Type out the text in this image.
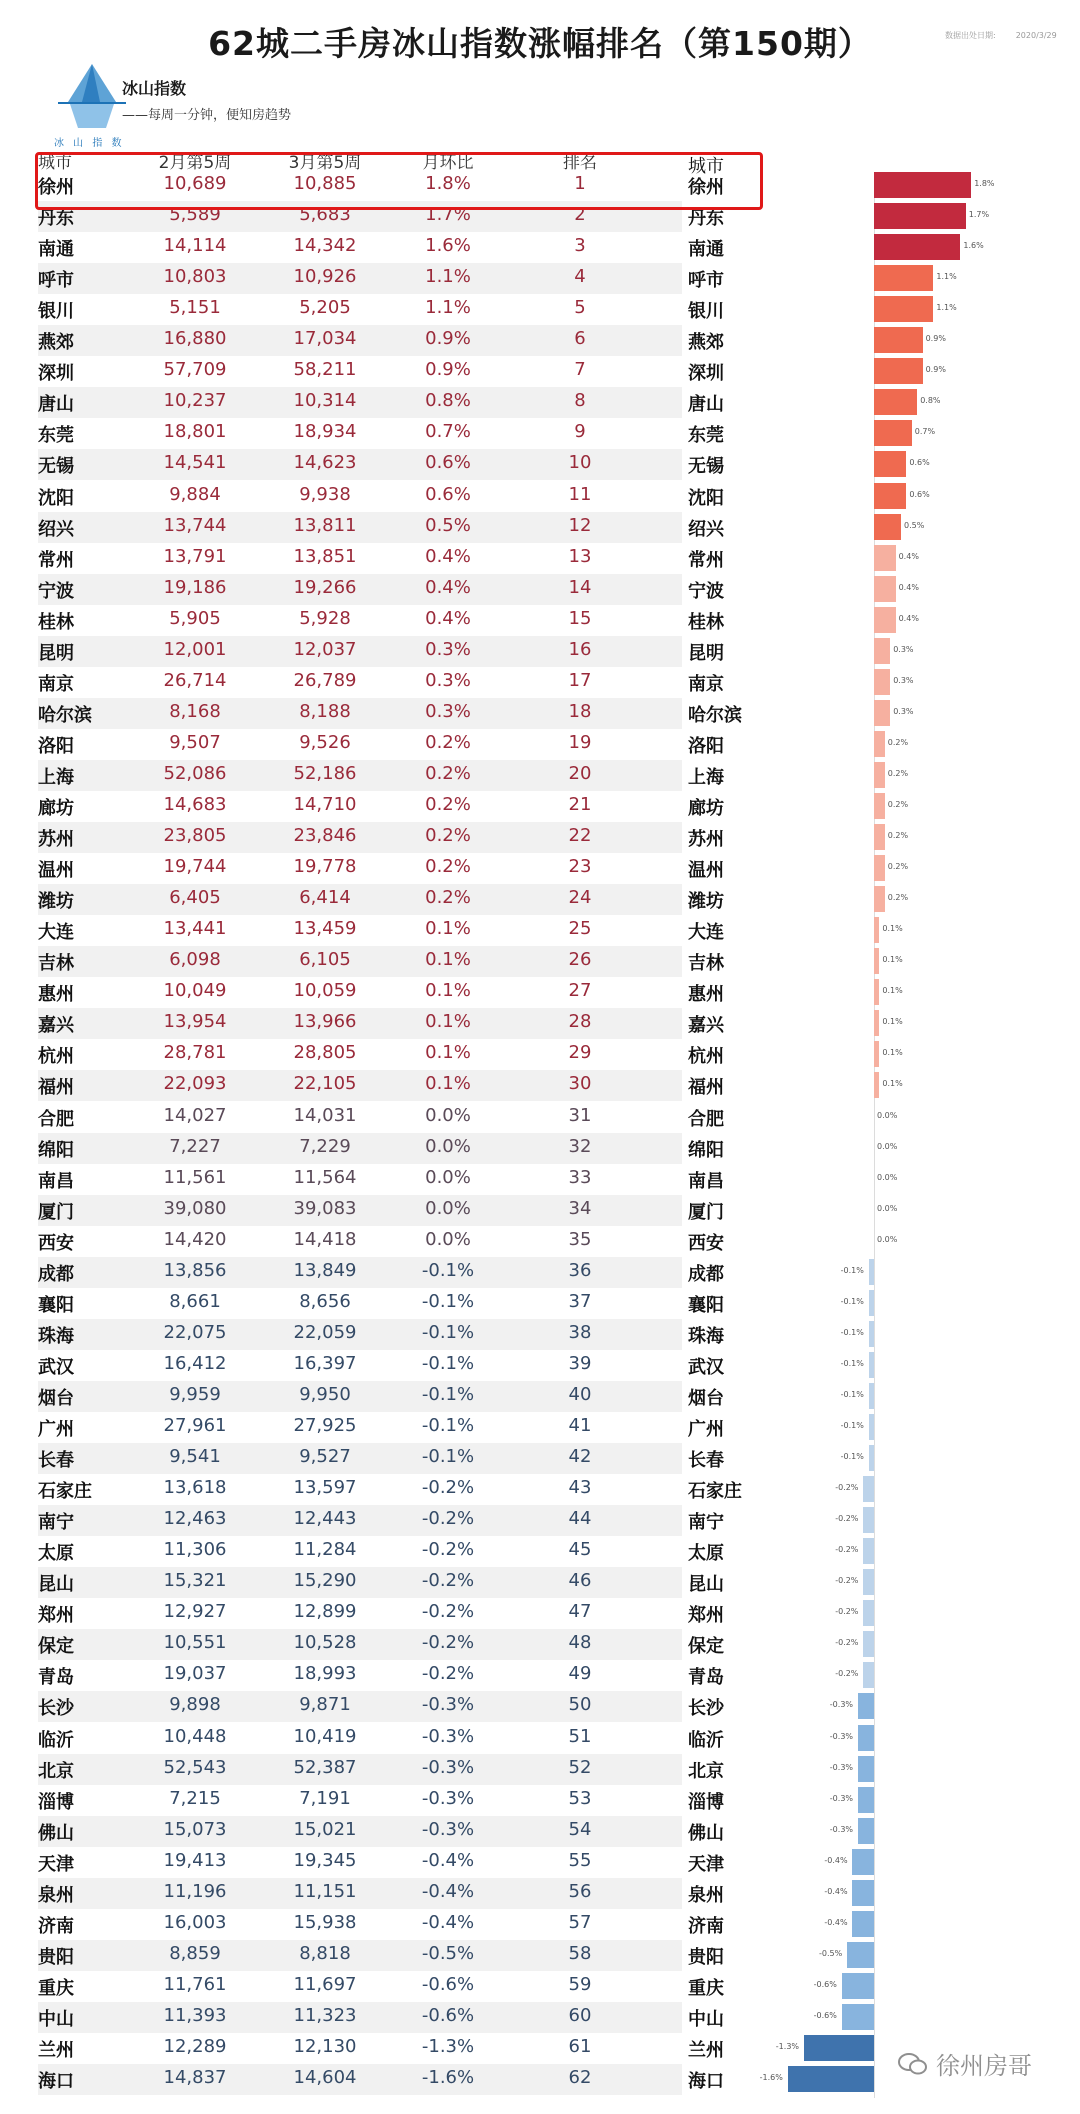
62城二手房冰山指数涨幅排名（第150期）	数据出处日期:	2020/3/29
冰山指数
——每周一分钟，便知房趋势
冰 山 指 数
城市	2月第5周	3月第5周	月环比	排名	城市
徐州	10,689	10,885	1.8%	1	徐州
丹东	5,589	5,683	1.7%	2	丹东
南通	14,114	14,342	1.6%	3	南通
呼市	10,803	10,926	1.1%	4	呼市
银川	5,151	5,205	1.1%	5	银川
燕郊	16,880	17,034	0.9%	6	燕郊
深圳	57,709	58,211	0.9%	7	深圳
唐山	10,237	10,314	0.8%	8	唐山
东莞	18,801	18,934	0.7%	9	东莞
无锡	14,541	14,623	0.6%	10	无锡
沈阳	9,884	9,938	0.6%	11	沈阳
绍兴	13,744	13,811	0.5%	12	绍兴
常州	13,791	13,851	0.4%	13	常州
宁波	19,186	19,266	0.4%	14	宁波
桂林	5,905	5,928	0.4%	15	桂林
昆明	12,001	12,037	0.3%	16	昆明
南京	26,714	26,789	0.3%	17	南京
哈尔滨	8,168	8,188	0.3%	18	哈尔滨
洛阳	9,507	9,526	0.2%	19	洛阳
上海	52,086	52,186	0.2%	20	上海
廊坊	14,683	14,710	0.2%	21	廊坊
苏州	23,805	23,846	0.2%	22	苏州
温州	19,744	19,778	0.2%	23	温州
潍坊	6,405	6,414	0.2%	24	潍坊
大连	13,441	13,459	0.1%	25	大连
吉林	6,098	6,105	0.1%	26	吉林
惠州	10,049	10,059	0.1%	27	惠州
嘉兴	13,954	13,966	0.1%	28	嘉兴
杭州	28,781	28,805	0.1%	29	杭州
福州	22,093	22,105	0.1%	30	福州
合肥	14,027	14,031	0.0%	31	合肥
绵阳	7,227	7,229	0.0%	32	绵阳
南昌	11,561	11,564	0.0%	33	南昌
厦门	39,080	39,083	0.0%	34	厦门
西安	14,420	14,418	0.0%	35	西安
成都	13,856	13,849	-0.1%	36	成都
襄阳	8,661	8,656	-0.1%	37	襄阳
珠海	22,075	22,059	-0.1%	38	珠海
武汉	16,412	16,397	-0.1%	39	武汉
烟台	9,959	9,950	-0.1%	40	烟台
广州	27,961	27,925	-0.1%	41	广州
长春	9,541	9,527	-0.1%	42	长春
石家庄	13,618	13,597	-0.2%	43	石家庄
南宁	12,463	12,443	-0.2%	44	南宁
太原	11,306	11,284	-0.2%	45	太原
昆山	15,321	15,290	-0.2%	46	昆山
郑州	12,927	12,899	-0.2%	47	郑州
保定	10,551	10,528	-0.2%	48	保定
青岛	19,037	18,993	-0.2%	49	青岛
长沙	9,898	9,871	-0.3%	50	长沙
临沂	10,448	10,419	-0.3%	51	临沂
北京	52,543	52,387	-0.3%	52	北京
淄博	7,215	7,191	-0.3%	53	淄博
佛山	15,073	15,021	-0.3%	54	佛山
天津	19,413	19,345	-0.4%	55	天津
泉州	11,196	11,151	-0.4%	56	泉州
济南	16,003	15,938	-0.4%	57	济南
贵阳	8,859	8,818	-0.5%	58	贵阳
重庆	11,761	11,697	-0.6%	59	重庆
中山	11,393	11,323	-0.6%	60	中山
兰州	12,289	12,130	-1.3%	61	兰州
海口	14,837	14,604	-1.6%	62	海口
1.8%
1.7%
1.6%
1.1%
1.1%
0.9%
0.9%
0.8%
0.7%
0.6%
0.6%
0.5%
0.4%
0.4%
0.4%
0.3%
0.3%
0.3%
0.2%
0.2%
0.2%
0.2%
0.2%
0.2%
0.1%
0.1%
0.1%
0.1%
0.1%
0.1%
0.0%
0.0%
0.0%
0.0%
0.0%
-0.1%
-0.1%
-0.1%
-0.1%
-0.1%
-0.1%
-0.1%
-0.2%
-0.2%
-0.2%
-0.2%
-0.2%
-0.2%
-0.2%
-0.3%
-0.3%
-0.3%
-0.3%
-0.3%
-0.4%
-0.4%
-0.4%
-0.5%
-0.6%
-0.6%
-1.3%
-1.6%	徐州房哥
